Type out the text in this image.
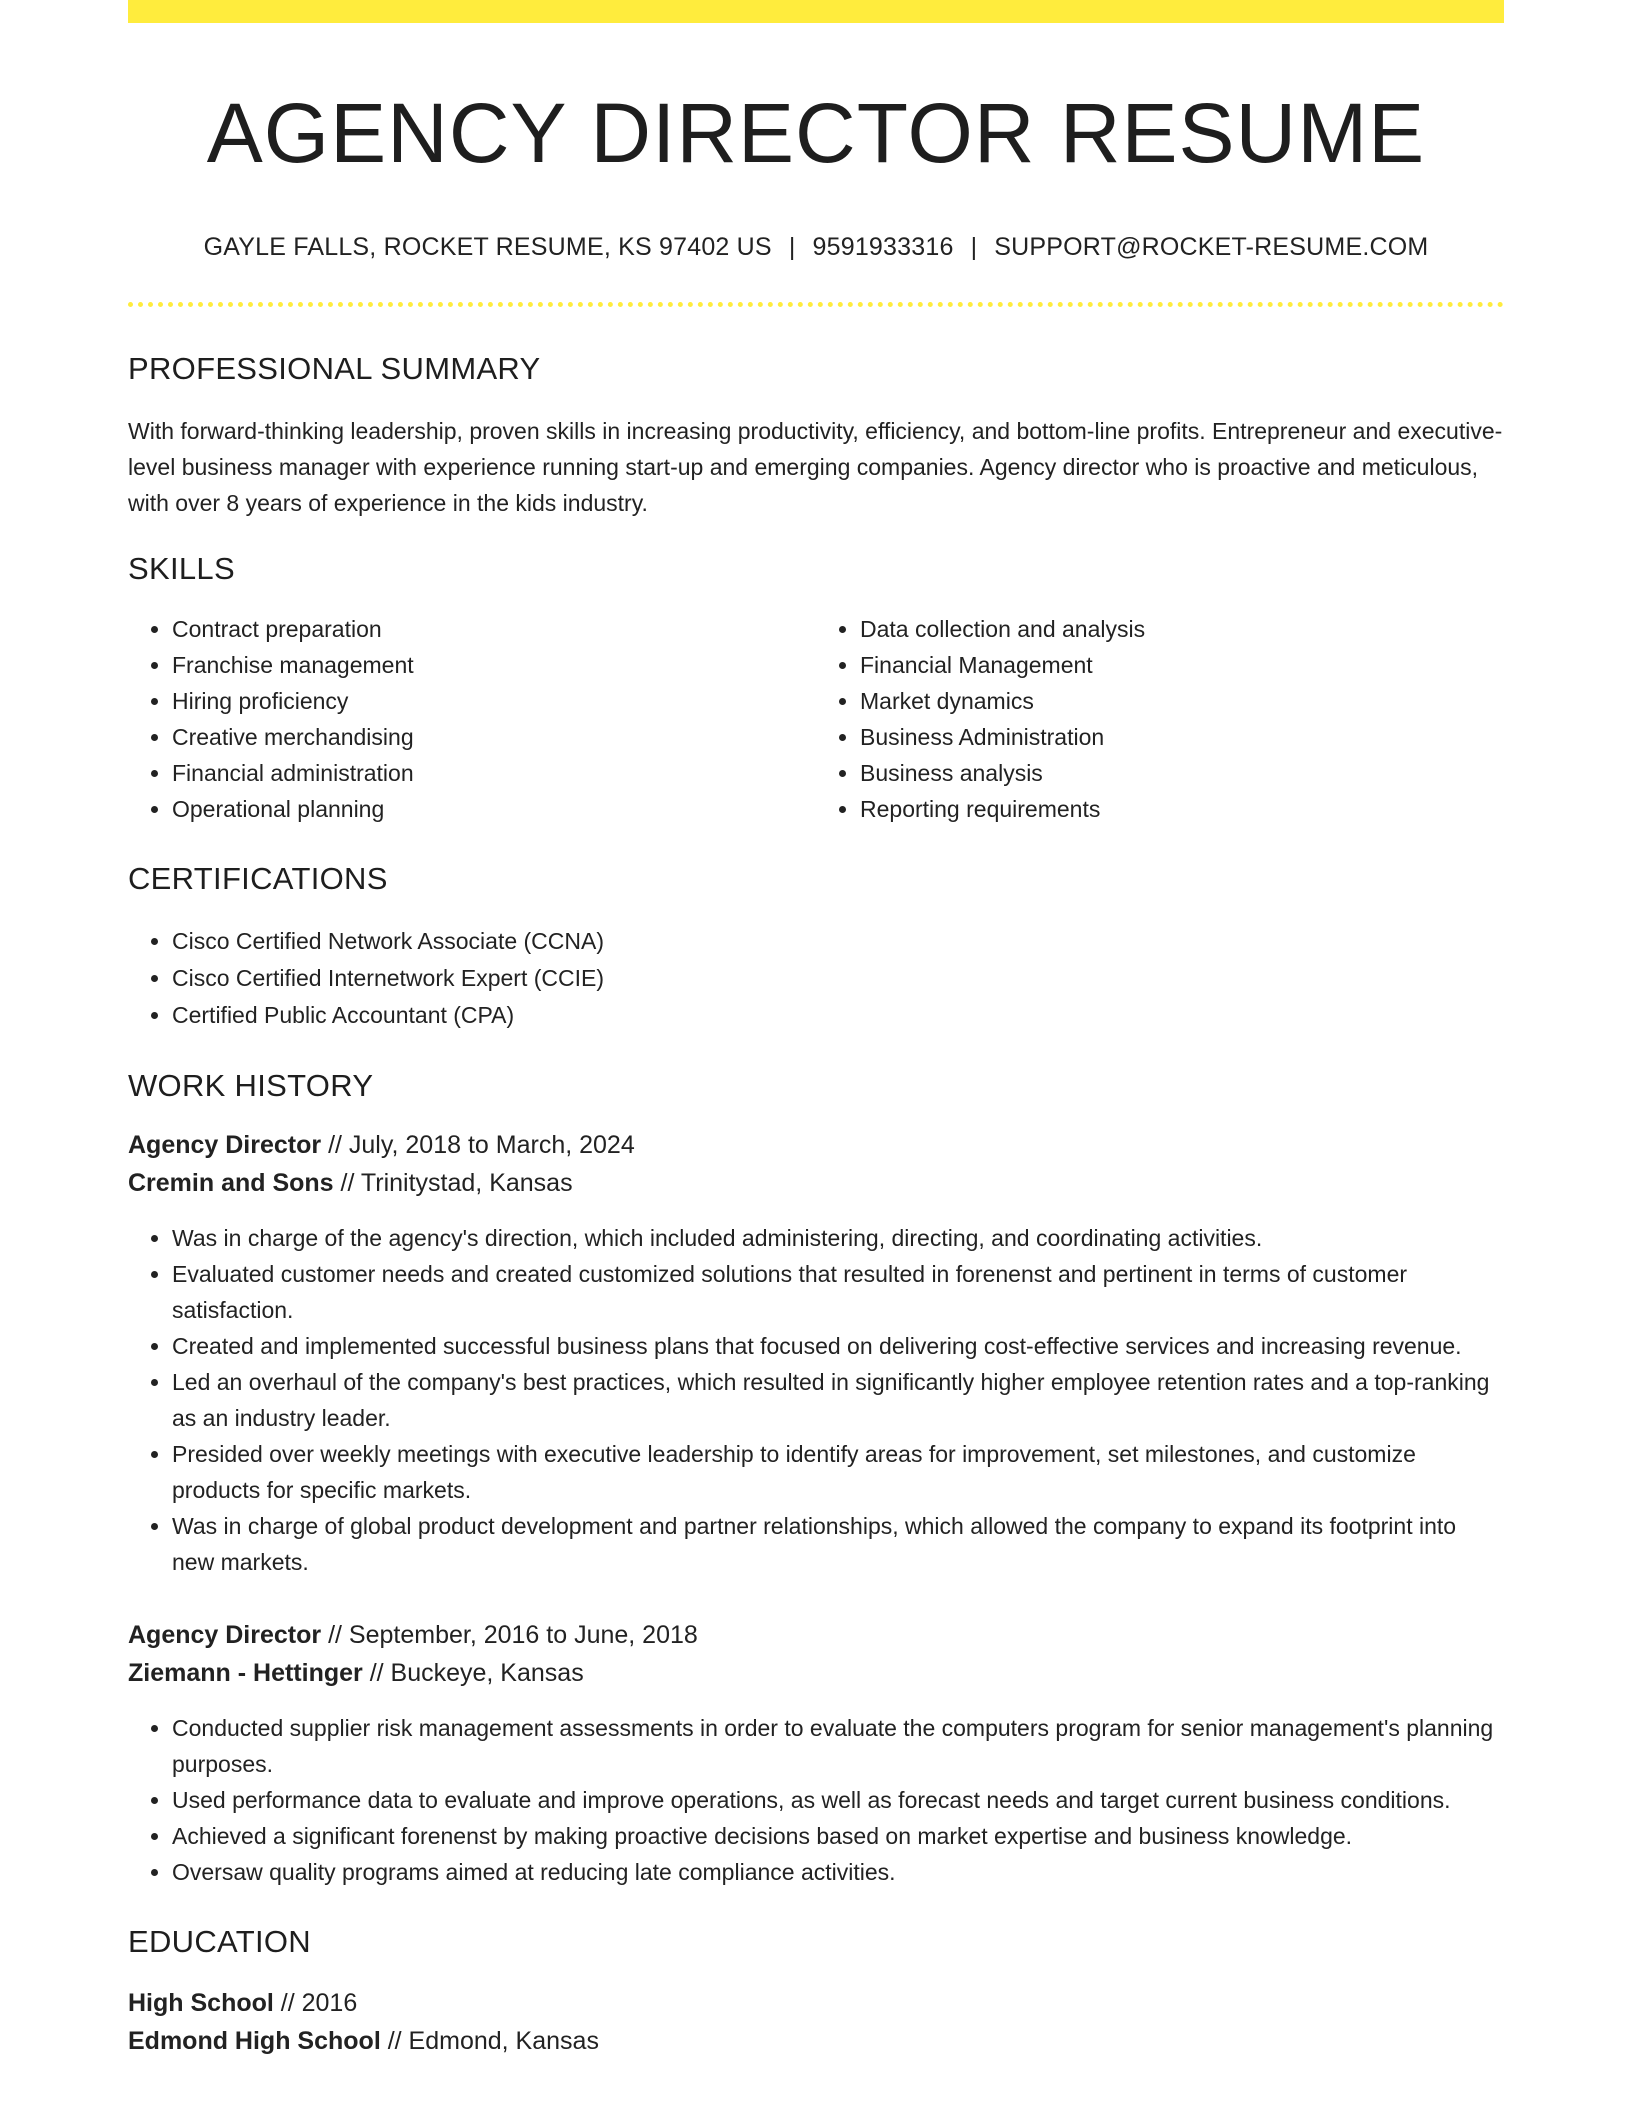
AGENCY DIRECTOR RESUME
GAYLE FALLS, ROCKET RESUME, KS 97402 US | 9591933316 | SUPPORT@ROCKET-RESUME.COM
PROFESSIONAL SUMMARY

With forward-thinking leadership, proven skills in increasing productivity, efficiency, and bottom-line profits. Entrepreneur and executive-level business manager with experience running start-up and emerging companies. Agency director who is proactive and meticulous, with over 8 years of experience in the kids industry.

SKILLS
• Contract preparation
• Franchise management
• Hiring proficiency
• Creative merchandising
• Financial administration
• Operational planning
• Data collection and analysis
• Financial Management
• Market dynamics
• Business Administration
• Business analysis
• Reporting requirements
CERTIFICATIONS
• Cisco Certified Network Associate (CCNA)
• Cisco Certified Internetwork Expert (CCIE)
• Certified Public Accountant (CPA)
WORK HISTORY
Agency Director // July, 2018 to March, 2024
Cremin and Sons // Trinitystad, Kansas
• Was in charge of the agency's direction, which included administering, directing, and coordinating activities.
• Evaluated customer needs and created customized solutions that resulted in forenenst and pertinent in terms of customer satisfaction.
• Created and implemented successful business plans that focused on delivering cost-effective services and increasing revenue.
• Led an overhaul of the company's best practices, which resulted in significantly higher employee retention rates and a top-ranking as an industry leader.
• Presided over weekly meetings with executive leadership to identify areas for improvement, set milestones, and customize products for specific markets.
• Was in charge of global product development and partner relationships, which allowed the company to expand its footprint into new markets.
Agency Director // September, 2016 to June, 2018
Ziemann - Hettinger // Buckeye, Kansas
• Conducted supplier risk management assessments in order to evaluate the computers program for senior management's planning purposes.
• Used performance data to evaluate and improve operations, as well as forecast needs and target current business conditions.
• Achieved a significant forenenst by making proactive decisions based on market expertise and business knowledge.
• Oversaw quality programs aimed at reducing late compliance activities.
EDUCATION
High School // 2016
Edmond High School // Edmond, Kansas
